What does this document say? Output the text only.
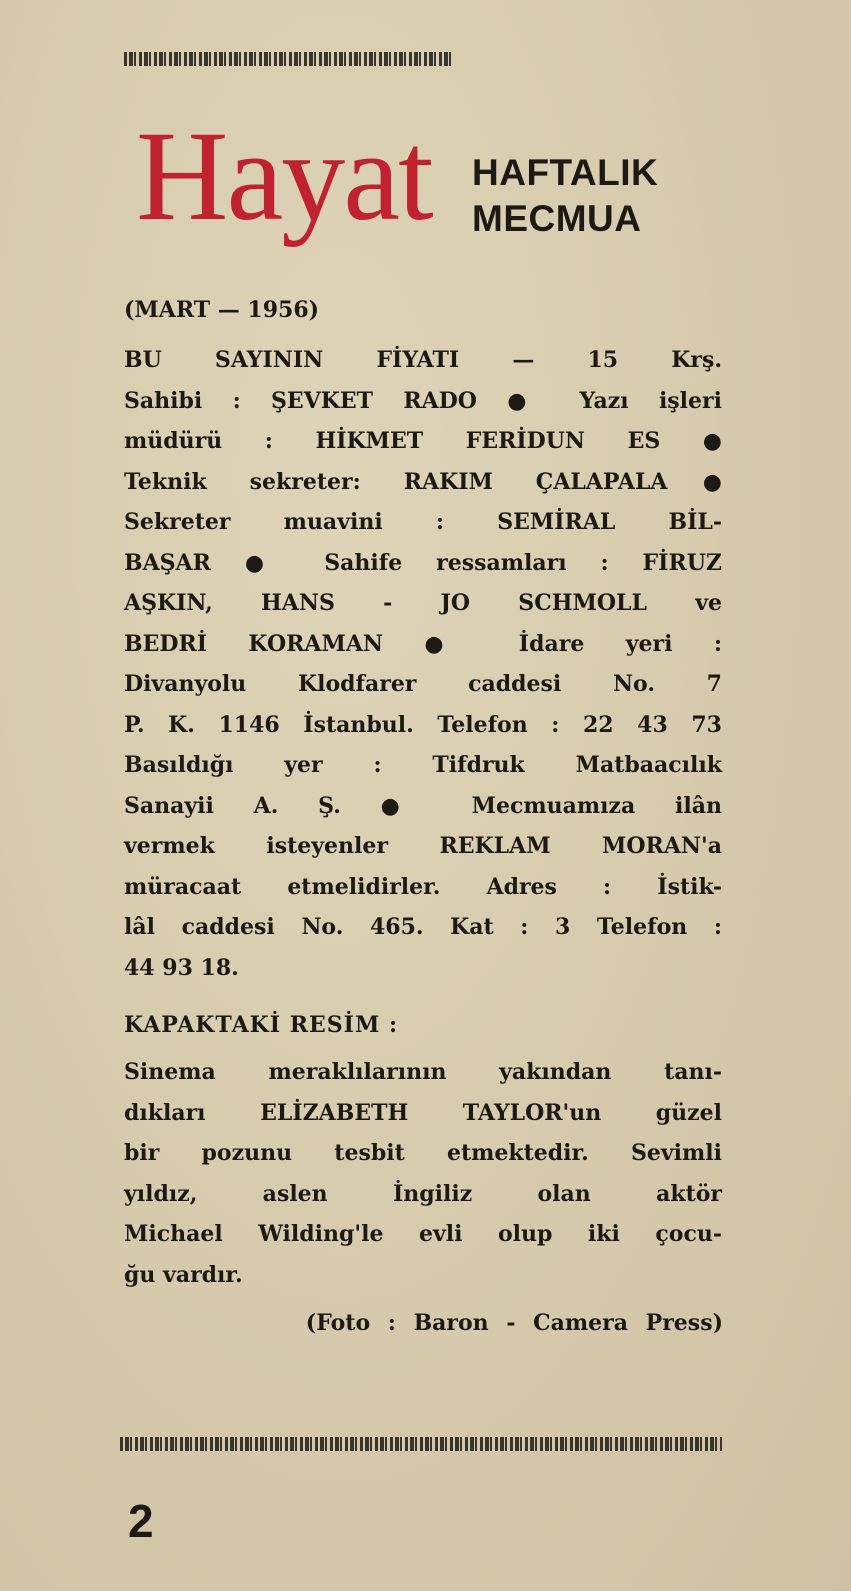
Hayat HAFTALIK
MECMUA
(MART — 1956)
BU SAYININ FİYATI — 15 Krş.
Sahibi : ŞEVKET RADO ● Yazı işleri
müdürü : HİKMET FERİDUN ES ●
Teknik sekreter: RAKIM ÇALAPALA●
Sekreter muavini : SEMİRAL BİL-
BAŞAR ● Sahife ressamları : FİRUZ
AŞKIN, HANS - JO SCHMOLL ve
BEDRİ KORAMAN ● İdare yeri :
Divanyolu Klodfarer caddesi No. 7
P. K. 1146 İstanbul. Telefon : 22 43 73
Basıldığı yer : Tifdruk Matbaacılık
Sanayii A. Ş. ● Mecmuamıza ilân
vermek isteyenler REKLAM MORAN'a
müracaat etmelidirler. Adres : İstik-
lâl caddesi No. 465. Kat : 3 Telefon :
44 93 18.
KAPAKTAKİ RESİM :
Sinema meraklılarının yakından tanı-
dıkları ELİZABETH TAYLOR'un güzel
bir pozunu tesbit etmektedir. Sevimli
yıldız, aslen İngiliz olan aktör
Michael Wilding'le evli olup iki çocu-
ğu vardır.
(Foto : Baron - Camera Press)
2
